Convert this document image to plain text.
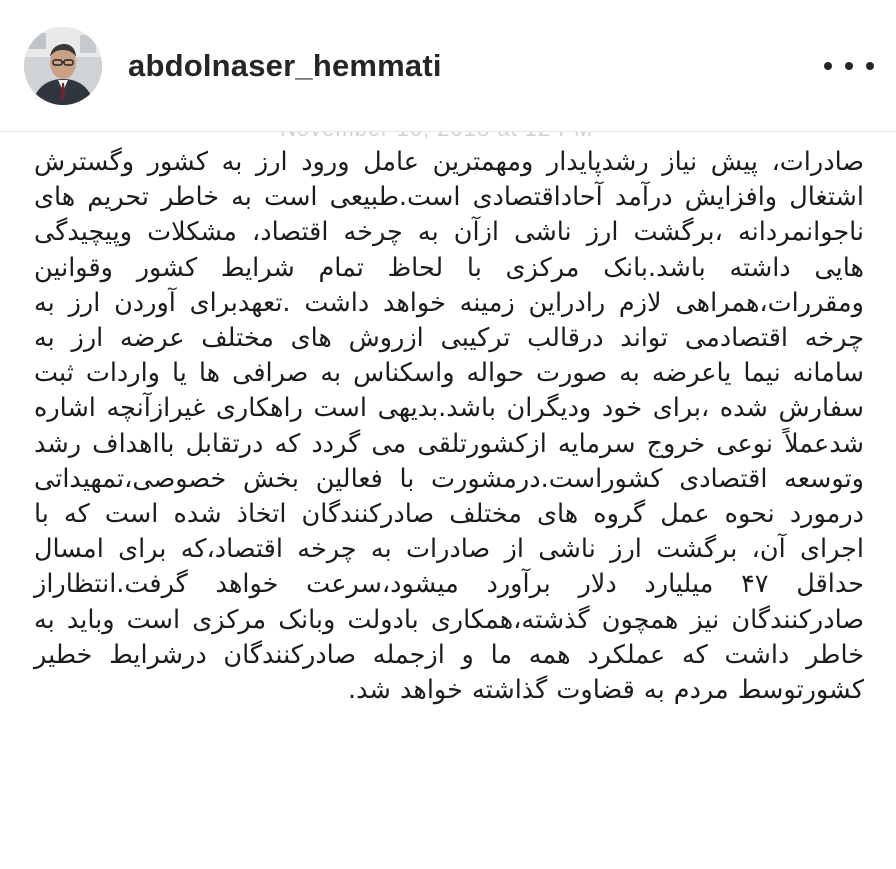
abdolnaser_hemmati
صادرات، پیش نیاز رشدپایدار ومهمترین عامل ورود ارز به کشور وگسترش اشتغال وافزایش درآمد آحاداقتصادی است.طبیعی است به خاطر تحریم های ناجوانمردانه ،برگشت ارز ناشی ازآن به چرخه اقتصاد، مشکلات وپیچیدگی هایی داشته باشد.بانک مرکزی با لحاظ تمام شرایط کشور وقوانین ومقررات،همراهی لازم رادراین زمینه خواهد داشت .تعهدبرای آوردن ارز به چرخه اقتصادمی تواند درقالب ترکیبی ازروش های مختلف عرضه ارز به سامانه نیما یاعرضه به صورت حواله واسکناس به صرافی ها یا واردات ثبت سفارش شده ،برای خود ودیگران باشد.بدیهی است راهکاری غیرازآنچه اشاره شدعملاً نوعی خروج سرمایه ازکشورتلقی می گردد که درتقابل بااهداف رشد وتوسعه اقتصادی کشوراست.درمشورت با فعالین بخش خصوصی،تمهیداتی درمورد نحوه عمل گروه های مختلف صادرکنندگان اتخاذ شده است که با اجرای آن، برگشت ارز ناشی از صادرات به چرخه اقتصاد،که برای امسال حداقل ۴۷ میلیارد دلار برآورد میشود،سرعت خواهد گرفت.انتظاراز صادرکنندگان نیز همچون گذشته،همکاری بادولت وبانک مرکزی است وباید به خاطر داشت که عملکرد همه ما و ازجمله صادرکنندگان درشرایط خطیر کشورتوسط مردم به قضاوت گذاشته خواهد شد.
